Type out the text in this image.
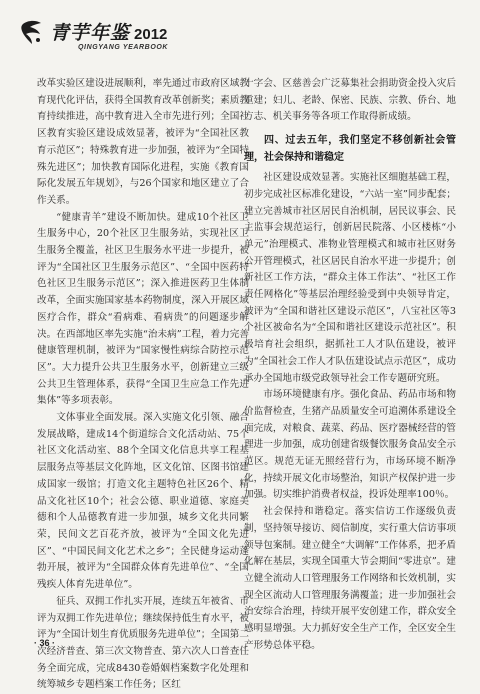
青芋年鉴 2012
QINGYANG YEARBOOK

改革实验区建设进展顺利，率先通过市政府区域教育现代化评估，获得全国教育改革创新奖；素质教育持续推进，高中教育进入全市先进行列；全国社区教育实验区建设成效显著，被评为“全国社区教育示范区”；特殊教育进一步加强，被评为“全国特殊先进区”；加快教育国际化进程，实施《教育国际化发展五年规划》，与26个国家和地区建立了合作关系。

“健康青羊”建设不断加快。建成10个社区卫生服务中心，20个社区卫生服务站，实现社区卫生服务全覆盖，社区卫生服务水平进一步提升，被评为“全国社区卫生服务示范区”、“全国中医药特色社区卫生服务示范区”；深入推进医药卫生体制改革，全面实施国家基本药物制度，深入开展区域医疗合作，群众“看病难、看病贵”的问题逐步解决。在西部地区率先实施“治未病”工程，着力完善健康管理机制，被评为“国家慢性病综合防控示范区”。大力提升公共卫生服务水平，创新建立三级公共卫生管理体系，获得“全国卫生应急工作先进集体”等多项表彰。

文体事业全面发展。深入实施文化引领、融合发展战略，建成14个街道综合文化活动站、75个社区文化活动室、88个全国文化信息共享工程基层服务点等基层文化阵地，区文化馆、区图书馆建成国家一级馆；打造文化主题特色社区26个、精品文化社区10个；社会公德、职业道德、家庭美德和个人品德教育进一步加强，城乡文化共同繁荣，民间文艺百花齐放，被评为“全国文化先进区”、“中国民间文化艺术之乡”；全民健身运动蓬勃开展，被评为“全国群众体育先进单位”、“全国残疾人体育先进单位”。

征兵、双拥工作扎实开展，连续五年被省、市评为双拥工作先进单位；继续保持低生育水平，被评为“全国计划生育优质服务先进单位”；全国第二次经济普查、第三次文物普查、第六次人口普查任务全面完成，完成8430卷婚姻档案数字化处理和统筹城乡专题档案工作任务；区红

十字会、区慈善会广泛募集社会捐助资金投入灾后重建；妇儿、老龄、保密、民族、宗教、侨台、地方志、机关事务等各项工作取得新成绩。

四、过去五年，我们坚定不移创新社会管理，社会保持和谐稳定

社区建设成效显著。实施社区细胞基础工程，初步完成社区标准化建设，“六站一室”同步配套；建立完善城市社区居民自治机制，居民议事会、民主监事会规范运行，创新居民院落、小区楼栋“小单元”治理模式、准物业管理模式和城市社区财务公开管理模式，社区居民自治水平进一步提升；创新社区工作方法，“群众主体工作法”、“社区工作责任网格化”等基层治理经验受到中央领导肯定，被评为“全国和谐社区建设示范区”，八宝社区等3个社区被命名为“全国和谐社区建设示范社区”。积极培育社会组织，据抓社工人才队伍建设，被评为“全国社会工作人才队伍建设试点示范区”，成功承办全国地市级党政领导社会工作专题研究班。

市场环境健康有序。强化食品、药品市场和物价监督检查，生猪产品质量安全可追溯体系建设全面完成，对粮食、蔬菜、药品、医疗器械经营的管理进一步加强，成功创建省级餐饮服务食品安全示范区。规范无证无照经营行为，市场环境不断净化，持续开展文化市场整治，知识产权保护进一步加强。切实维护消费者权益，投诉处理率100％。

社会保持和谐稳定。落实信访工作逐级负责制，坚持领导接访、阅信制度，实行重大信访事项领导包案制。建立健全“大调解”工作体系，把矛盾化解在基层，实现全国重大节会期间“零进京”。建立健全流动人口管理服务工作网络和长效机制，实现全区流动人口管理服务满覆盖；进一步加强社会治安综合治理，持续开展平安创建工作，群众安全感明显增强。大力抓好安全生产工作，全区安全生产形势总体平稳。

· 36 ·
